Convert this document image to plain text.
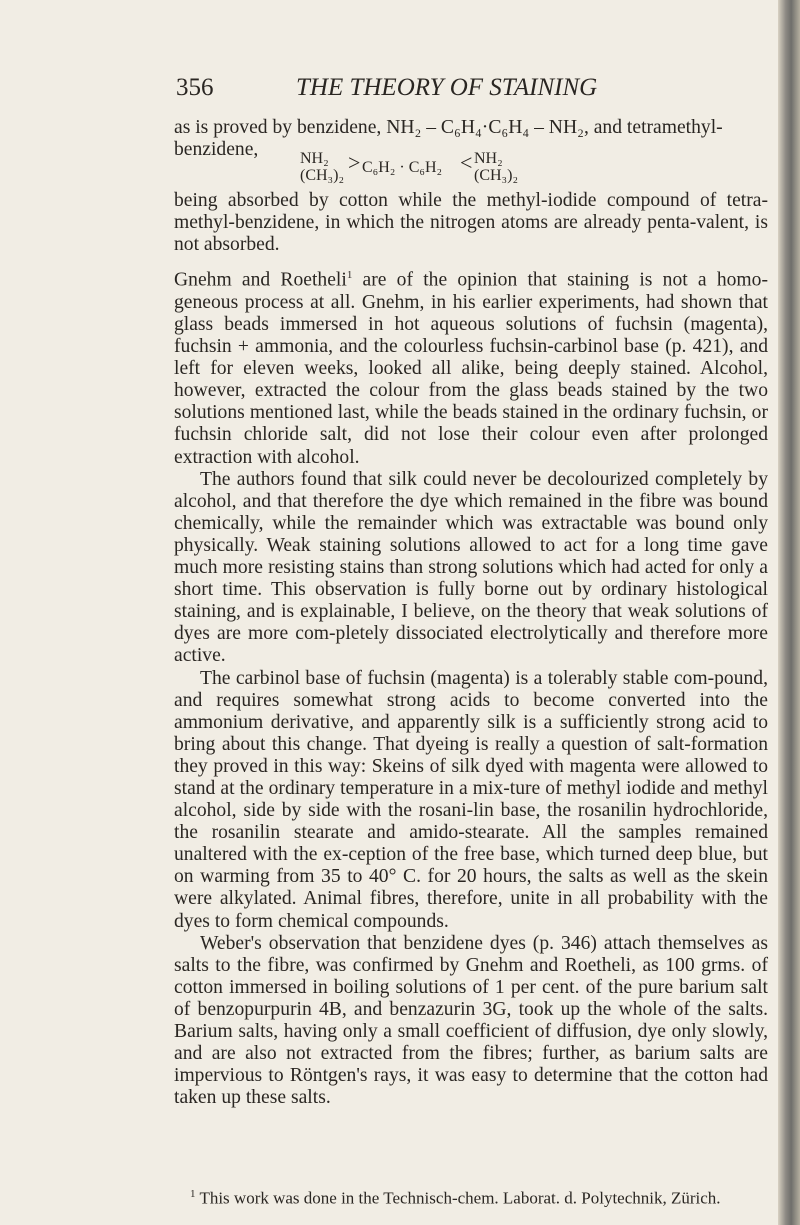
356	THE THEORY OF STAINING
as is proved by benzidene, NH₂ – C₆H₄·C₆H₄ – NH₂, and tetramethyl-
benzidene,	NH₂
(CH₃)₂
> C₆H₂ · C₆H₂ < NH₂
(CH₃)₂

being absorbed by cotton while the methyl-iodide compound of tetra-methyl-benzidene, in which the nitrogen atoms are already penta-valent, is not absorbed.

Gnehm and Roetheli$^1$ are of the opinion that staining is not a homo-geneous process at all. Gnehm, in his earlier experiments, had shown that glass beads immersed in hot aqueous solutions of fuchsin (magenta), fuchsin + ammonia, and the colourless fuchsin-carbinol base (p. 421), and left for eleven weeks, looked all alike, being deeply stained. Alcohol, however, extracted the colour from the glass beads stained by the two solutions mentioned last, while the beads stained in the ordinary fuchsin, or fuchsin chloride salt, did not lose their colour even after prolonged extraction with alcohol.

The authors found that silk could never be decolourized completely by alcohol, and that therefore the dye which remained in the fibre was bound chemically, while the remainder which was extractable was bound only physically. Weak staining solutions allowed to act for a long time gave much more resisting stains than strong solutions which had acted for only a short time. This observation is fully borne out by ordinary histological staining, and is explainable, I believe, on the theory that weak solutions of dyes are more com-pletely dissociated electrolytically and therefore more active.

The carbinol base of fuchsin (magenta) is a tolerably stable com-pound, and requires somewhat strong acids to become converted into the ammonium derivative, and apparently silk is a sufficiently strong acid to bring about this change. That dyeing is really a question of salt-formation they proved in this way: Skeins of silk dyed with magenta were allowed to stand at the ordinary temperature in a mix-ture of methyl iodide and methyl alcohol, side by side with the rosani-lin base, the rosanilin hydrochloride, the rosanilin stearate and amido-stearate. All the samples remained unaltered with the ex-ception of the free base, which turned deep blue, but on warming from 35 to 40° C. for 20 hours, the salts as well as the skein were alkylated. Animal fibres, therefore, unite in all probability with the dyes to form chemical compounds.

Weber's observation that benzidene dyes (p. 346) attach themselves as salts to the fibre, was confirmed by Gnehm and Roetheli, as 100 grms. of cotton immersed in boiling solutions of 1 per cent. of the pure barium salt of benzopurpurin 4B, and benzazurin 3G, took up the whole of the salts. Barium salts, having only a small coefficient of diffusion, dye only slowly, and are also not extracted from the fibres; further, as barium salts are impervious to Röntgen's rays, it was easy to determine that the cotton had taken up these salts.

$^1$ This work was done in the Technisch-chem. Laborat. d. Polytechnik, Zürich.
